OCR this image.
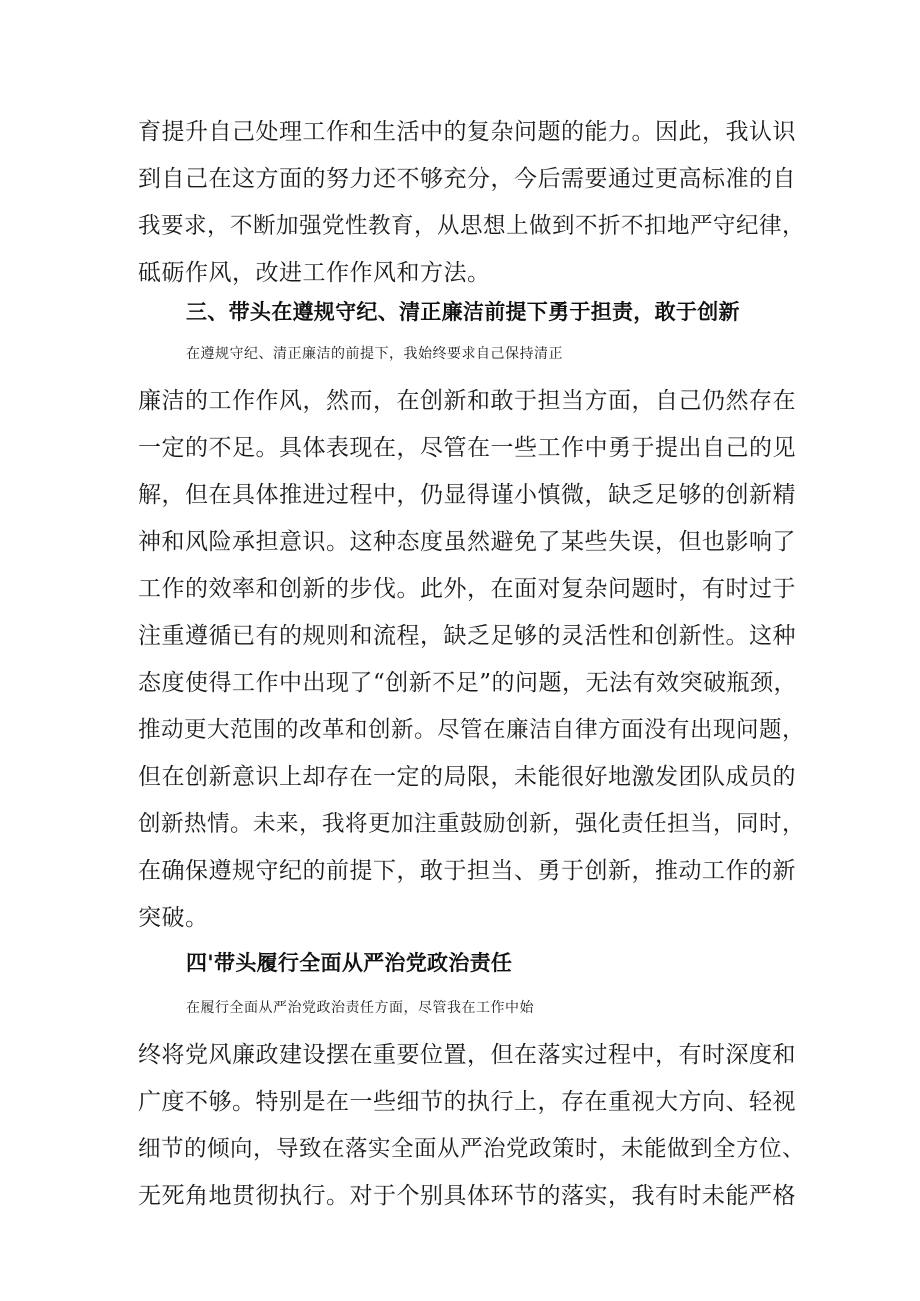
育提升自己处理工作和生活中的复杂问题的能力。因此，我认识
到自己在这方面的努力还不够充分，今后需要通过更高标准的自
我要求，不断加强党性教育，从思想上做到不折不扣地严守纪律，
砥砺作风，改进工作作风和方法。
三、带头在遵规守纪、清正廉洁前提下勇于担责，敢于创新
在遵规守纪、清正廉洁的前提下，我始终要求自己保持清正
廉洁的工作作风，然而，在创新和敢于担当方面，自己仍然存在
一定的不足。具体表现在，尽管在一些工作中勇于提出自己的见
解，但在具体推进过程中，仍显得谨小慎微，缺乏足够的创新精
神和风险承担意识。这种态度虽然避免了某些失误，但也影响了
工作的效率和创新的步伐。此外，在面对复杂问题时，有时过于
注重遵循已有的规则和流程，缺乏足够的灵活性和创新性。这种
态度使得工作中出现了“创新不足”的问题，无法有效突破瓶颈，
推动更大范围的改革和创新。尽管在廉洁自律方面没有出现问题，
但在创新意识上却存在一定的局限，未能很好地激发团队成员的
创新热情。未来，我将更加注重鼓励创新，强化责任担当，同时，
在确保遵规守纪的前提下，敢于担当、勇于创新，推动工作的新
突破。
四'带头履行全面从严治党政治责任
在履行全面从严治党政治责任方面，尽管我在工作中始
终将党风廉政建设摆在重要位置，但在落实过程中，有时深度和
广度不够。特别是在一些细节的执行上，存在重视大方向、轻视
细节的倾向，导致在落实全面从严治党政策时，未能做到全方位、
无死角地贯彻执行。对于个别具体环节的落实，我有时未能严格
